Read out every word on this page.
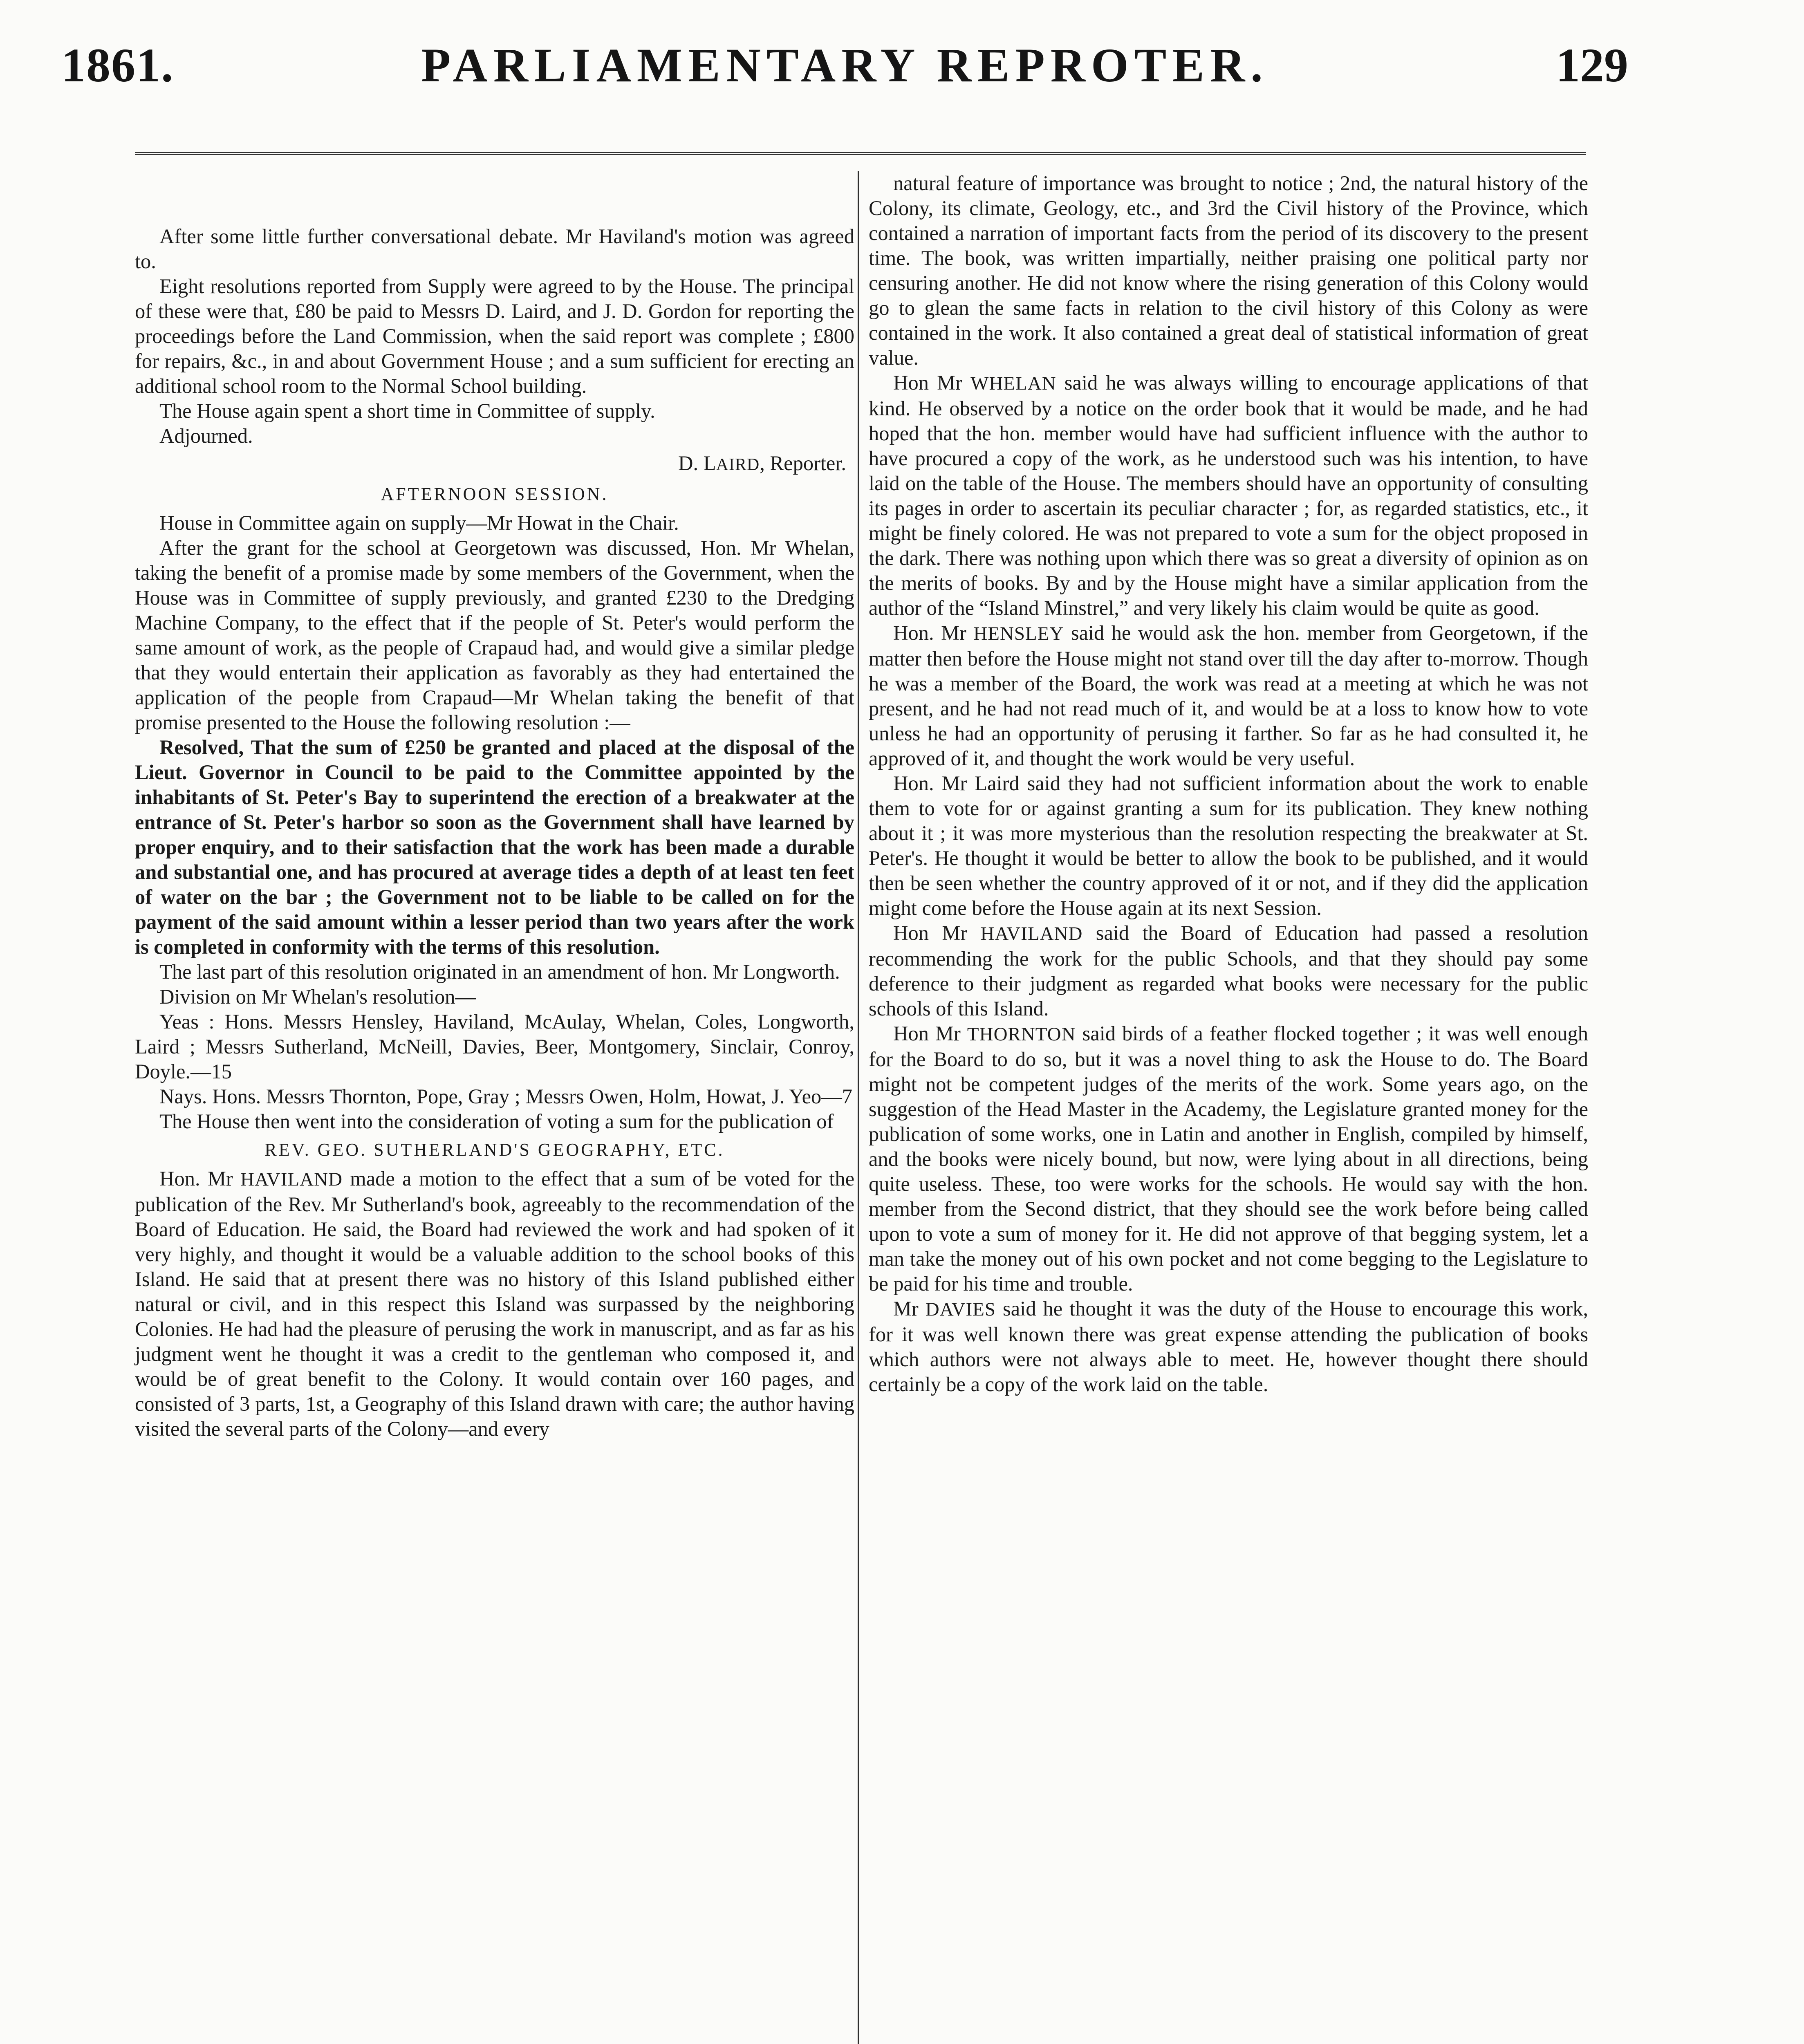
1861.	PARLIAMENTARY REPROTER.	129

After some little further conversational debate. Mr Haviland's motion was agreed to.

Eight resolutions reported from Supply were agreed to by the House. The principal of these were that, £80 be paid to Messrs D. Laird, and J. D. Gordon for reporting the proceedings before the Land Commission, when the said report was complete ; £800 for repairs, &c., in and about Government House ; and a sum sufficient for erecting an additional school room to the Normal School building.

The House again spent a short time in Committee of supply.

Adjourned.

D. LAIRD, Reporter.

AFTERNOON SESSION.

House in Committee again on supply—Mr Howat in the Chair.

After the grant for the school at Georgetown was discussed, Hon. Mr Whelan, taking the benefit of a promise made by some members of the Government, when the House was in Committee of supply previously, and granted £230 to the Dredging Machine Company, to the effect that if the people of St. Peter's would perform the same amount of work, as the people of Crapaud had, and would give a similar pledge that they would entertain their application as favorably as they had entertained the application of the people from Crapaud—Mr Whelan taking the benefit of that promise presented to the House the following resolution :—

Resolved, That the sum of £250 be granted and placed at the disposal of the Lieut. Governor in Council to be paid to the Committee appointed by the inhabitants of St. Peter's Bay to superintend the erection of a breakwater at the entrance of St. Peter's harbor so soon as the Government shall have learned by proper enquiry, and to their satisfaction that the work has been made a durable and substantial one, and has procured at average tides a depth of at least ten feet of water on the bar ; the Government not to be liable to be called on for the payment of the said amount within a lesser period than two years after the work is completed in conformity with the terms of this resolution.

The last part of this resolution originated in an amendment of hon. Mr Longworth.

Division on Mr Whelan's resolution—

Yeas : Hons. Messrs Hensley, Haviland, McAulay, Whelan, Coles, Longworth, Laird ; Messrs Sutherland, McNeill, Davies, Beer, Montgomery, Sinclair, Conroy, Doyle.—15

Nays. Hons. Messrs Thornton, Pope, Gray ; Messrs Owen, Holm, Howat, J. Yeo—7

The House then went into the consideration of voting a sum for the publication of

REV. GEO. SUTHERLAND'S GEOGRAPHY, ETC.

Hon. Mr HAVILAND made a motion to the effect that a sum of be voted for the publication of the Rev. Mr Sutherland's book, agreeably to the recommendation of the Board of Education. He said, the Board had reviewed the work and had spoken of it very highly, and thought it would be a valuable addition to the school books of this Island. He said that at present there was no history of this Island published either natural or civil, and in this respect this Island was surpassed by the neighboring Colonies. He had had the pleasure of perusing the work in manuscript, and as far as his judgment went he thought it was a credit to the gentleman who composed it, and would be of great benefit to the Colony. It would contain over 160 pages, and consisted of 3 parts, 1st, a Geography of this Island drawn with care; the author having visited the several parts of the Colony—and every

natural feature of importance was brought to notice ; 2nd, the natural history of the Colony, its climate, Geology, etc., and 3rd the Civil history of the Province, which contained a narration of important facts from the period of its discovery to the present time. The book, was written impartially, neither praising one political party nor censuring another. He did not know where the rising generation of this Colony would go to glean the same facts in relation to the civil history of this Colony as were contained in the work. It also contained a great deal of statistical information of great value.

Hon Mr WHELAN said he was always willing to encourage applications of that kind. He observed by a notice on the order book that it would be made, and he had hoped that the hon. member would have had sufficient influence with the author to have procured a copy of the work, as he understood such was his intention, to have laid on the table of the House. The members should have an opportunity of consulting its pages in order to ascertain its peculiar character ; for, as regarded statistics, etc., it might be finely colored. He was not prepared to vote a sum for the object proposed in the dark. There was nothing upon which there was so great a diversity of opinion as on the merits of books. By and by the House might have a similar application from the author of the “Island Minstrel,” and very likely his claim would be quite as good.

Hon. Mr HENSLEY said he would ask the hon. member from Georgetown, if the matter then before the House might not stand over till the day after to-morrow. Though he was a member of the Board, the work was read at a meeting at which he was not present, and he had not read much of it, and would be at a loss to know how to vote unless he had an opportunity of perusing it farther. So far as he had consulted it, he approved of it, and thought the work would be very useful.

Hon. Mr Laird said they had not sufficient information about the work to enable them to vote for or against granting a sum for its publication. They knew nothing about it ; it was more mysterious than the resolution respecting the breakwater at St. Peter's. He thought it would be better to allow the book to be published, and it would then be seen whether the country approved of it or not, and if they did the application might come before the House again at its next Session.

Hon Mr HAVILAND said the Board of Education had passed a resolution recommending the work for the public Schools, and that they should pay some deference to their judgment as regarded what books were necessary for the public schools of this Island.

Hon Mr THORNTON said birds of a feather flocked together ; it was well enough for the Board to do so, but it was a novel thing to ask the House to do. The Board might not be competent judges of the merits of the work. Some years ago, on the suggestion of the Head Master in the Academy, the Legislature granted money for the publication of some works, one in Latin and another in English, compiled by himself, and the books were nicely bound, but now, were lying about in all directions, being quite useless. These, too were works for the schools. He would say with the hon. member from the Second district, that they should see the work before being called upon to vote a sum of money for it. He did not approve of that begging system, let a man take the money out of his own pocket and not come begging to the Legislature to be paid for his time and trouble.

Mr DAVIES said he thought it was the duty of the House to encourage this work, for it was well known there was great expense attending the publication of books which authors were not always able to meet. He, however thought there should certainly be a copy of the work laid on the table.
